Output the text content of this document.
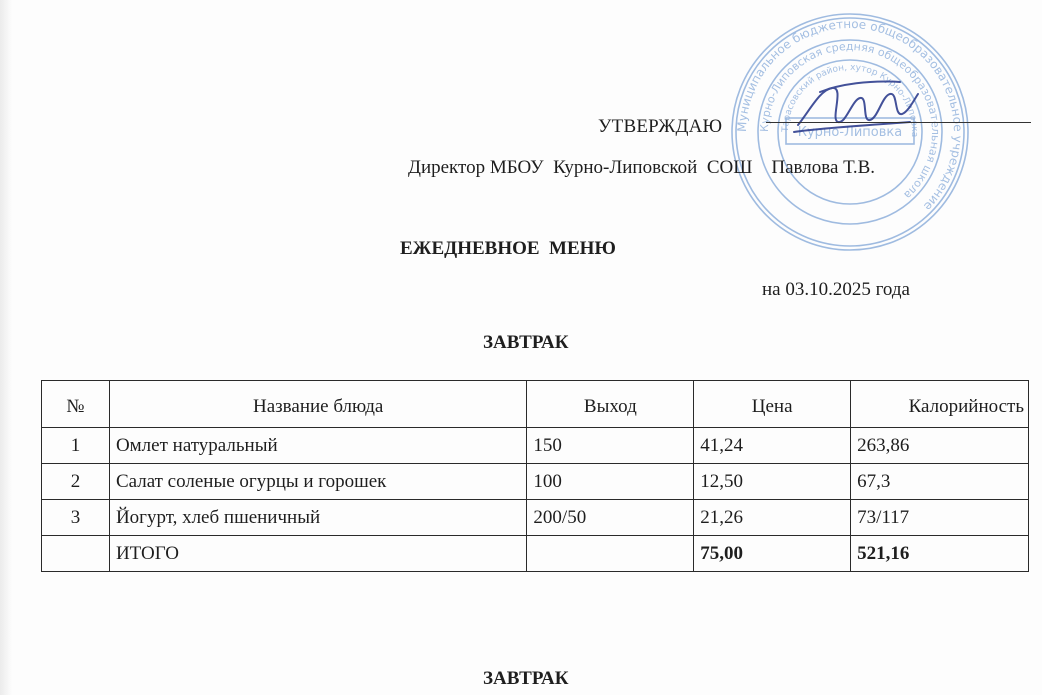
Муниципальное бюджетное общеобразовательное учреждение
Курно-Липовская средняя общеобразовательная школа
Тарасовский район, хутор Курно-Липовка
Курно-Липовка
УТВЕРЖДАЮ
Директор МБОУ  Курно-Липовской  СОШ    Павлова Т.В.
ЕЖЕДНЕВНОЕ  МЕНЮ
на 03.10.2025 года
ЗАВТРАК
№	Название блюда	Выход	Цена	Калорийность
1	Омлет натуральный	150	41,24	263,86
2	Салат соленые огурцы и горошек	100	12,50	67,3
3	Йогурт, хлеб пшеничный	200/50	21,26	73/117
	ИТОГО		75,00	521,16
ЗАВТРАК
